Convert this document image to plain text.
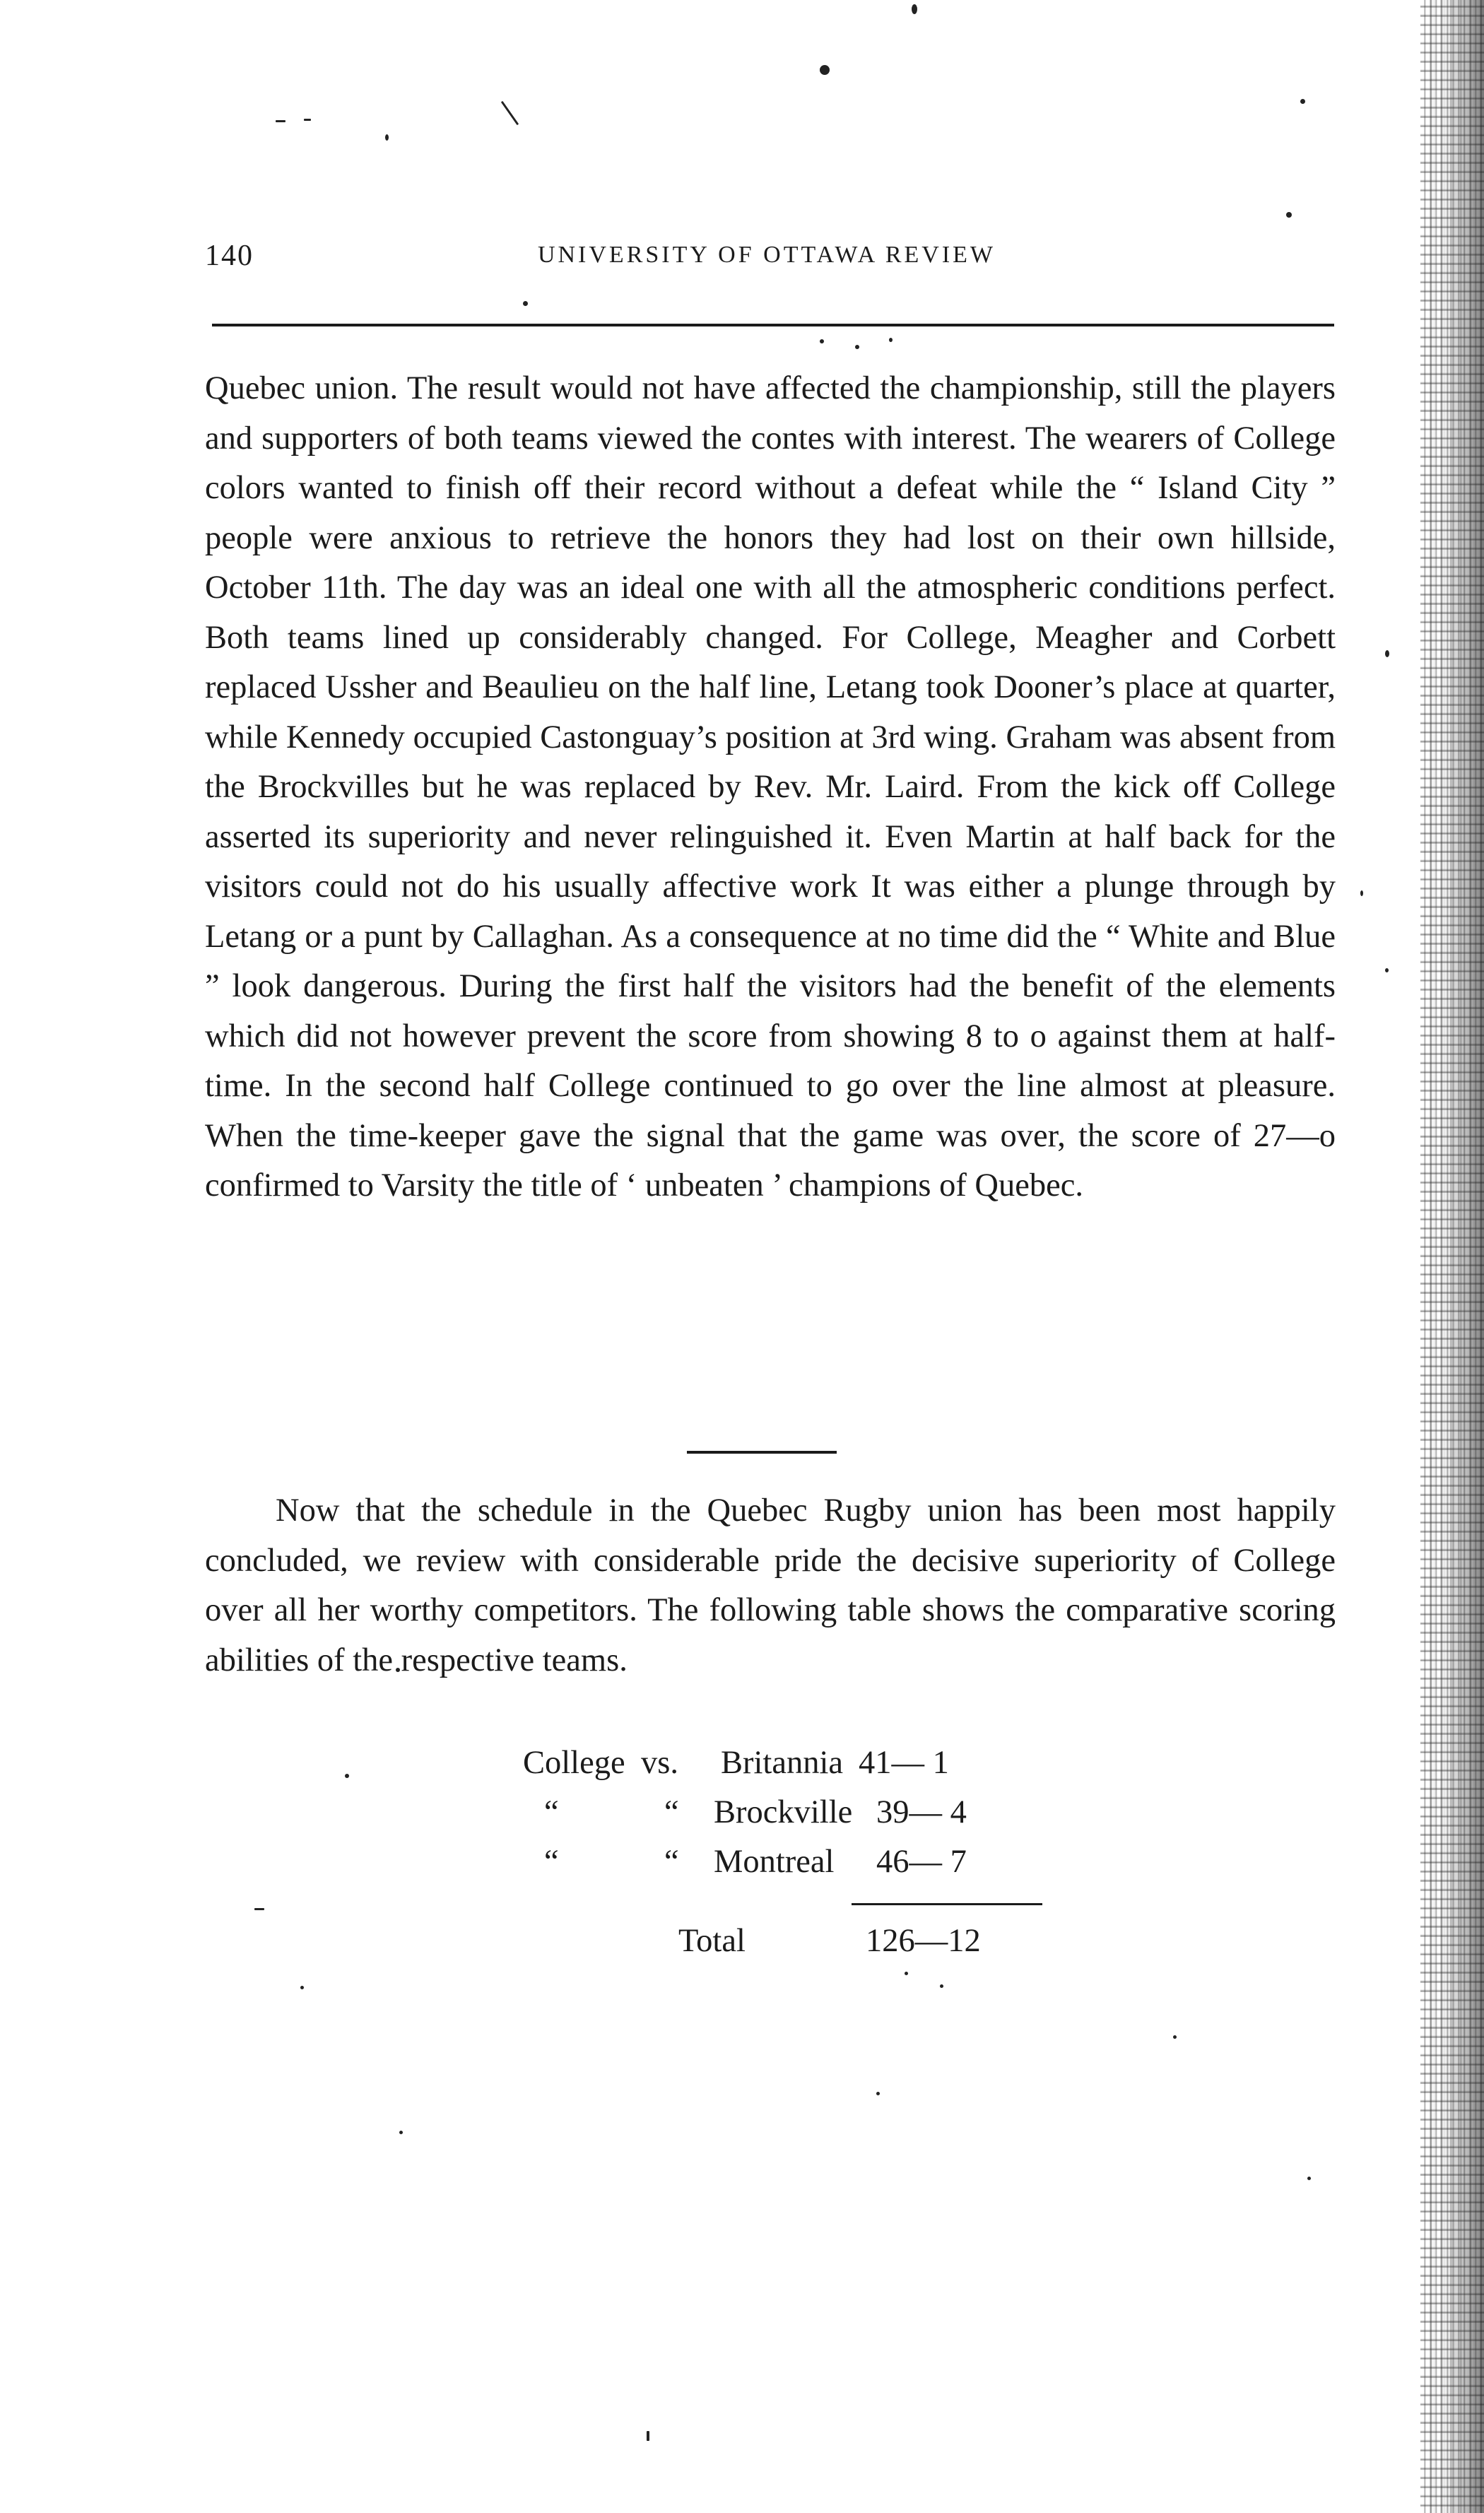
140	UNIVERSITY OF OTTAWA REVIEW

Quebec union. The result would not have affected the championship, still the players and supporters of both teams viewed the contes with interest. The wearers of College colors wanted to finish off their record without a defeat while the “ Island City ” people were anxious to retrieve the honors they had lost on their own hillside, October 11th. The day was an ideal one with all the atmospheric conditions perfect. Both teams lined up considerably changed. For College, Meagher and Corbett replaced Ussher and Beaulieu on the half line, Letang took Dooner’s place at quarter, while Kennedy occupied Castonguay’s position at 3rd wing. Graham was absent from the Brockvilles but he was replaced by Rev. Mr. Laird. From the kick off College asserted its superiority and never relinguished it. Even Martin at half back for the visitors could not do his usually affective work It was either a plunge through by Letang or a punt by Callaghan. As a consequence at no time did the “ White and Blue ” look dangerous. During the first half the visitors had the benefit of the elements which did not however prevent the score from showing 8 to o against them at half-time. In the second half College continued to go over the line almost at pleasure. When the time-keeper gave the signal that the game was over, the score of 27—o confirmed to Varsity the title of ‘ unbeaten ’ champions of Quebec.

Now that the schedule in the Quebec Rugby union has been most happily concluded, we review with considerable pride the decisive superiority of College over all her worthy competitors. The following table shows the comparative scoring abilities of the respective teams.

College vs. Britannia 41— 1
“	“ Brockville 39— 4
“	“ Montreal 46— 7
Total	126—12
